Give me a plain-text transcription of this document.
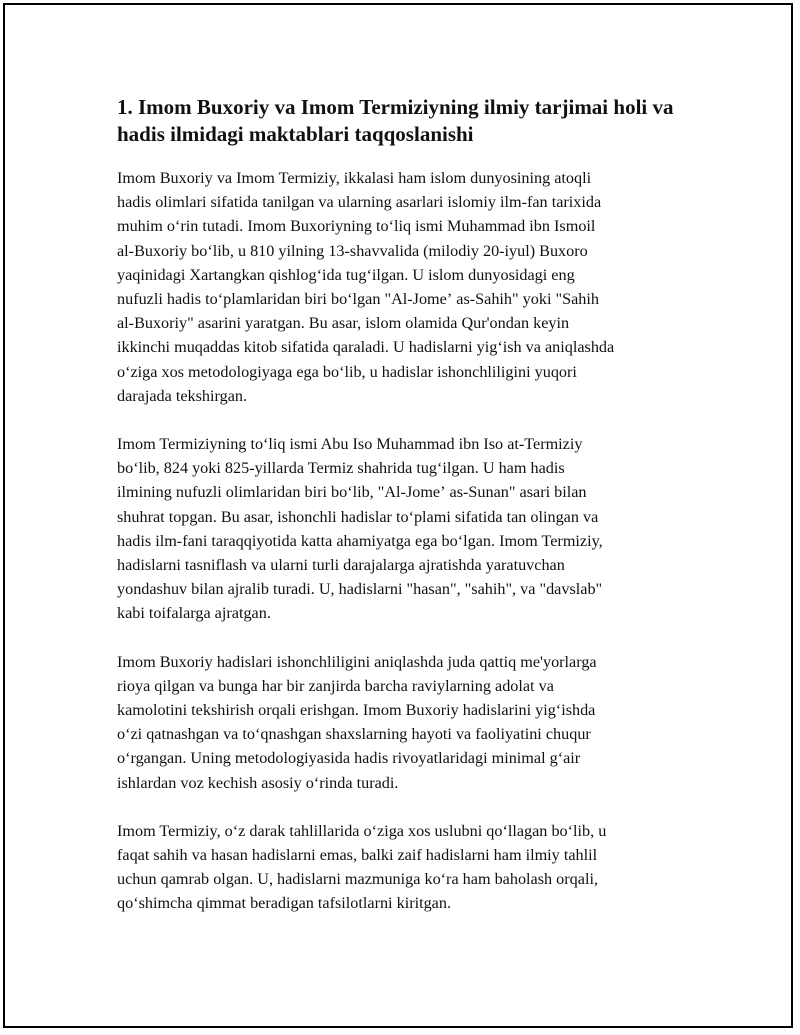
1. Imom Buxoriy va Imom Termiziyning ilmiy tarjimai holi va hadis ilmidagi maktablari taqqoslanishi

Imom Buxoriy va Imom Termiziy, ikkalasi ham islom dunyosining atoqli
hadis olimlari sifatida tanilgan va ularning asarlari islomiy ilm-fan tarixida
muhim oʻrin tutadi. Imom Buxoriyning toʻliq ismi Muhammad ibn Ismoil
al-Buxoriy boʻlib, u 810 yilning 13-shavvalida (milodiy 20-iyul) Buxoro
yaqinidagi Xartangkan qishlogʻida tugʻilgan. U islom dunyosidagi eng
nufuzli hadis toʻplamlaridan biri boʻlgan "Al-Jomeʼ as-Sahih" yoki "Sahih
al-Buxoriy" asarini yaratgan. Bu asar, islom olamida Qur'ondan keyin
ikkinchi muqaddas kitob sifatida qaraladi. U hadislarni yigʻish va aniqlashda
oʻziga xos metodologiyaga ega boʻlib, u hadislar ishonchliligini yuqori
darajada tekshirgan.

Imom Termiziyning toʻliq ismi Abu Iso Muhammad ibn Iso at-Termiziy
boʻlib, 824 yoki 825-yillarda Termiz shahrida tugʻilgan. U ham hadis
ilmining nufuzli olimlaridan biri boʻlib, "Al-Jomeʼ as-Sunan" asari bilan
shuhrat topgan. Bu asar, ishonchli hadislar toʻplami sifatida tan olingan va
hadis ilm-fani taraqqiyotida katta ahamiyatga ega boʻlgan. Imom Termiziy,
hadislarni tasniflash va ularni turli darajalarga ajratishda yaratuvchan
yondashuv bilan ajralib turadi. U, hadislarni "hasan", "sahih", va "davslab"
kabi toifalarga ajratgan.

Imom Buxoriy hadislari ishonchliligini aniqlashda juda qattiq me'yorlarga
rioya qilgan va bunga har bir zanjirda barcha raviylarning adolat va
kamolotini tekshirish orqali erishgan. Imom Buxoriy hadislarini yigʻishda
oʻzi qatnashgan va toʻqnashgan shaxslarning hayoti va faoliyatini chuqur
oʻrgangan. Uning metodologiyasida hadis rivoyatlaridagi minimal gʻair
ishlardan voz kechish asosiy oʻrinda turadi.

Imom Termiziy, oʻz darak tahlillarida oʻziga xos uslubni qoʻllagan boʻlib, u
faqat sahih va hasan hadislarni emas, balki zaif hadislarni ham ilmiy tahlil
uchun qamrab olgan. U, hadislarni mazmuniga koʻra ham baholash orqali,
qoʻshimcha qimmat beradigan tafsilotlarni kiritgan.
